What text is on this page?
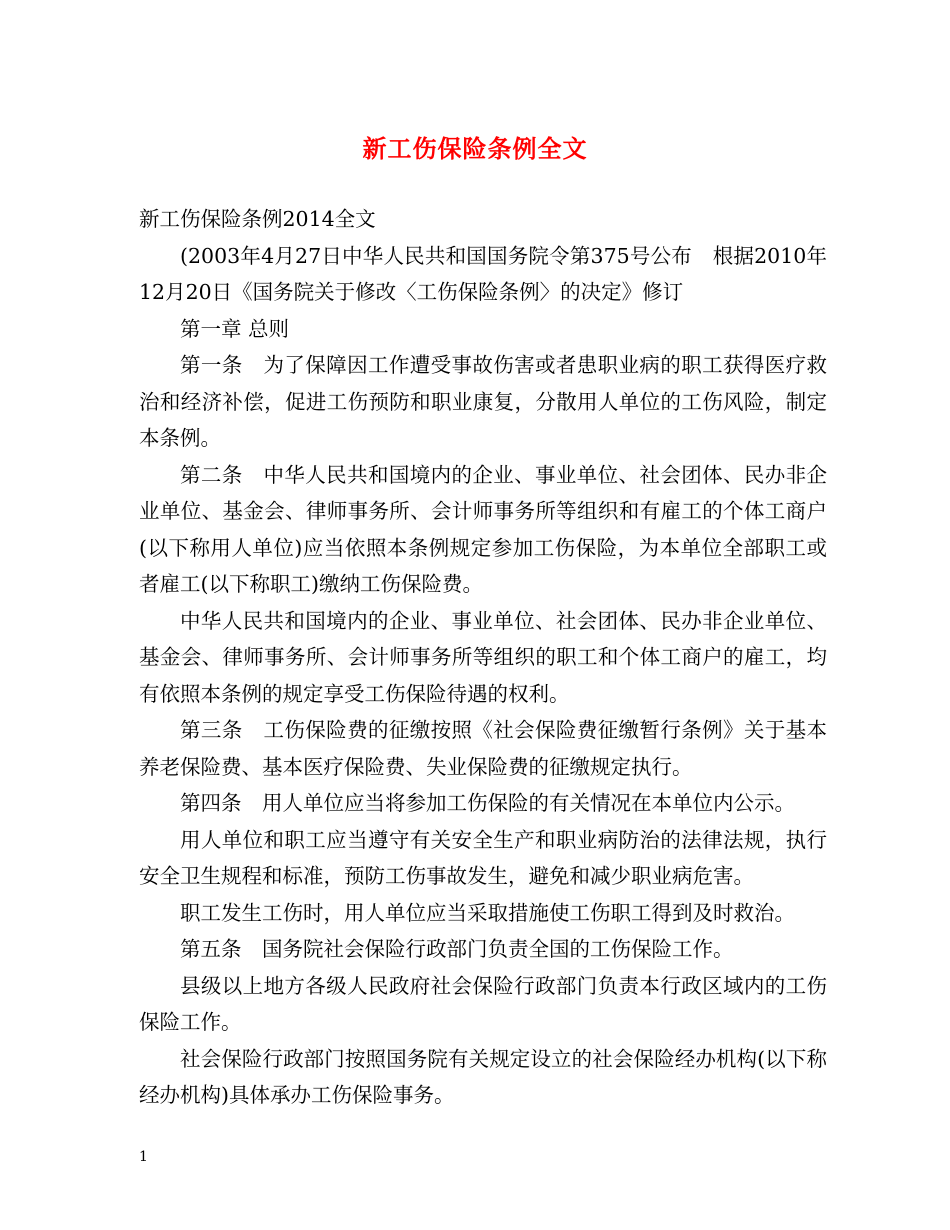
新工伤保险条例全文

新工伤保险条例2014全文

(2003年4月27日中华人民共和国国务院令第375号公布　根据2010年12月20日《国务院关于修改〈工伤保险条例〉的决定》修订

第一章 总则

第一条　为了保障因工作遭受事故伤害或者患职业病的职工获得医疗救治和经济补偿，促进工伤预防和职业康复，分散用人单位的工伤风险，制定本条例。

第二条　中华人民共和国境内的企业、事业单位、社会团体、民办非企业单位、基金会、律师事务所、会计师事务所等组织和有雇工的个体工商户(以下称用人单位)应当依照本条例规定参加工伤保险，为本单位全部职工或者雇工(以下称职工)缴纳工伤保险费。

中华人民共和国境内的企业、事业单位、社会团体、民办非企业单位、基金会、律师事务所、会计师事务所等组织的职工和个体工商户的雇工，均有依照本条例的规定享受工伤保险待遇的权利。

第三条　工伤保险费的征缴按照《社会保险费征缴暂行条例》关于基本养老保险费、基本医疗保险费、失业保险费的征缴规定执行。

第四条　用人单位应当将参加工伤保险的有关情况在本单位内公示。

用人单位和职工应当遵守有关安全生产和职业病防治的法律法规，执行安全卫生规程和标准，预防工伤事故发生，避免和减少职业病危害。

职工发生工伤时，用人单位应当采取措施使工伤职工得到及时救治。

第五条　国务院社会保险行政部门负责全国的工伤保险工作。

县级以上地方各级人民政府社会保险行政部门负责本行政区域内的工伤保险工作。

社会保险行政部门按照国务院有关规定设立的社会保险经办机构(以下称经办机构)具体承办工伤保险事务。

1
